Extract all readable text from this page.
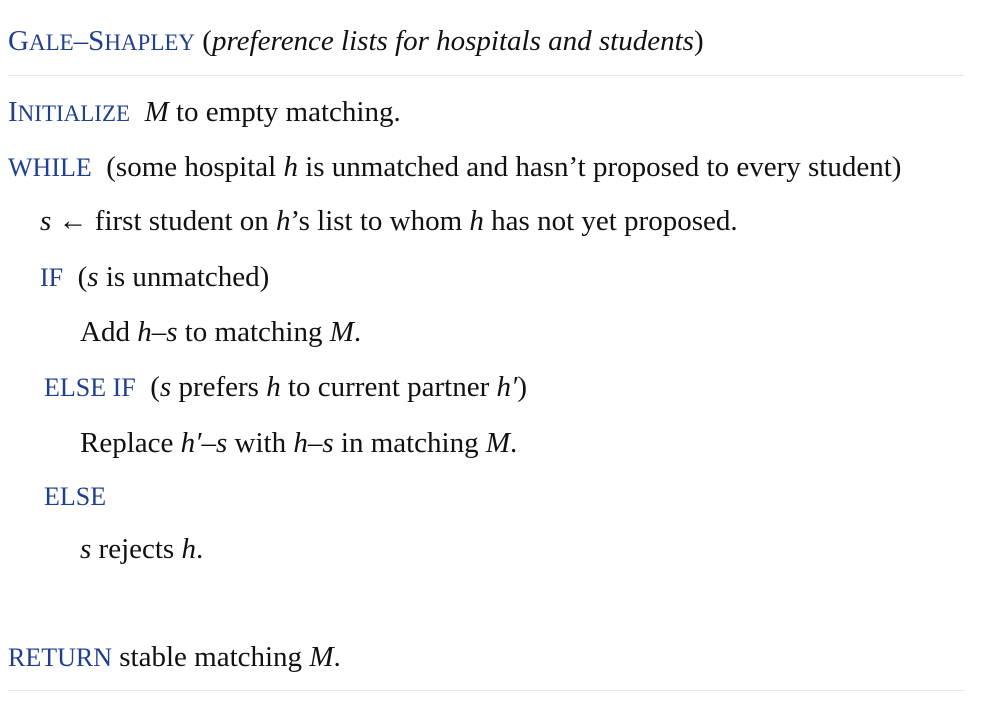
GALE–SHAPLEY (preference lists for hospitals and students)
INITIALIZE M to empty matching.
WHILE (some hospital h is unmatched and hasn’t proposed to every student)
s ← first student on h’s list to whom h has not yet proposed.
IF (s is unmatched)
Add h–s to matching M.
ELSE IF (s prefers h to current partner h′)
Replace h′–s with h–s in matching M.
ELSE
s rejects h.
RETURN stable matching M.
